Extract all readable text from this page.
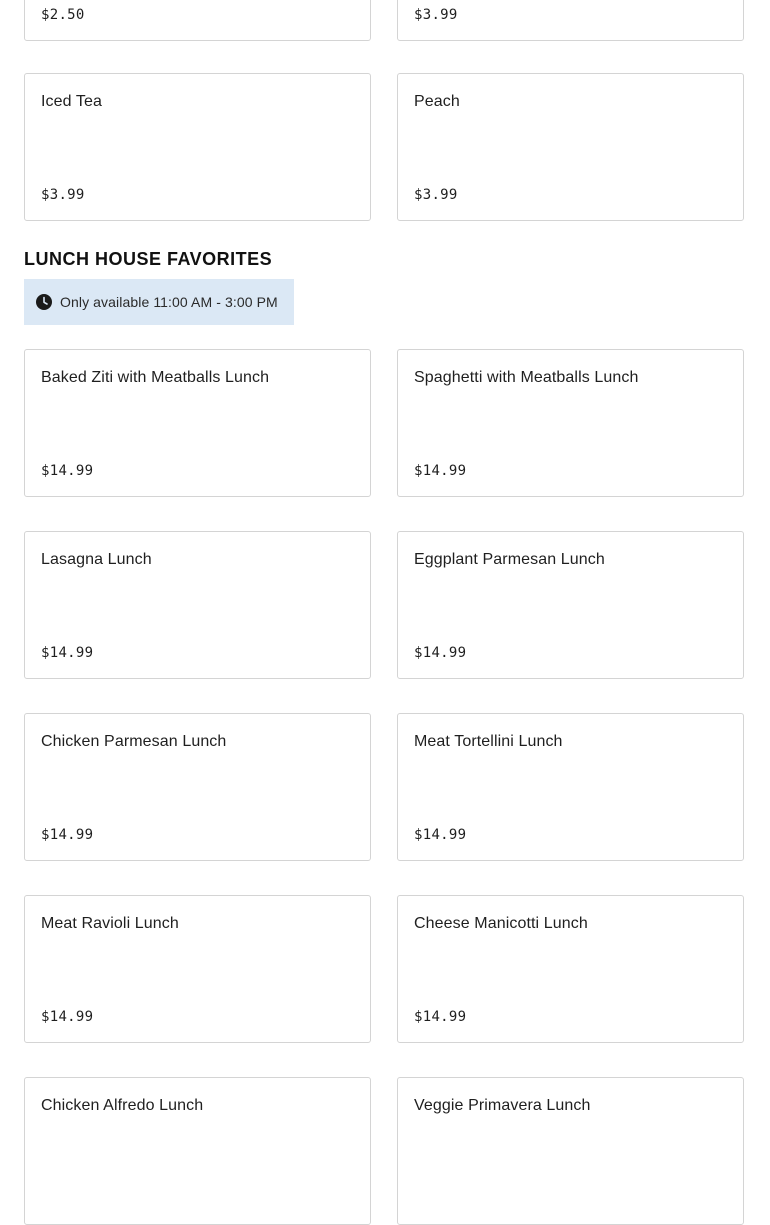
$2.50	$3.99
Iced Tea
$3.99
Peach
$3.99
LUNCH HOUSE FAVORITES
Only available 11:00 AM - 3:00 PM
Baked Ziti with Meatballs Lunch
$14.99
Spaghetti with Meatballs Lunch
$14.99
Lasagna Lunch
$14.99
Eggplant Parmesan Lunch
$14.99
Chicken Parmesan Lunch
$14.99
Meat Tortellini Lunch
$14.99
Meat Ravioli Lunch
$14.99
Cheese Manicotti Lunch
$14.99
Chicken Alfredo Lunch	Veggie Primavera Lunch
